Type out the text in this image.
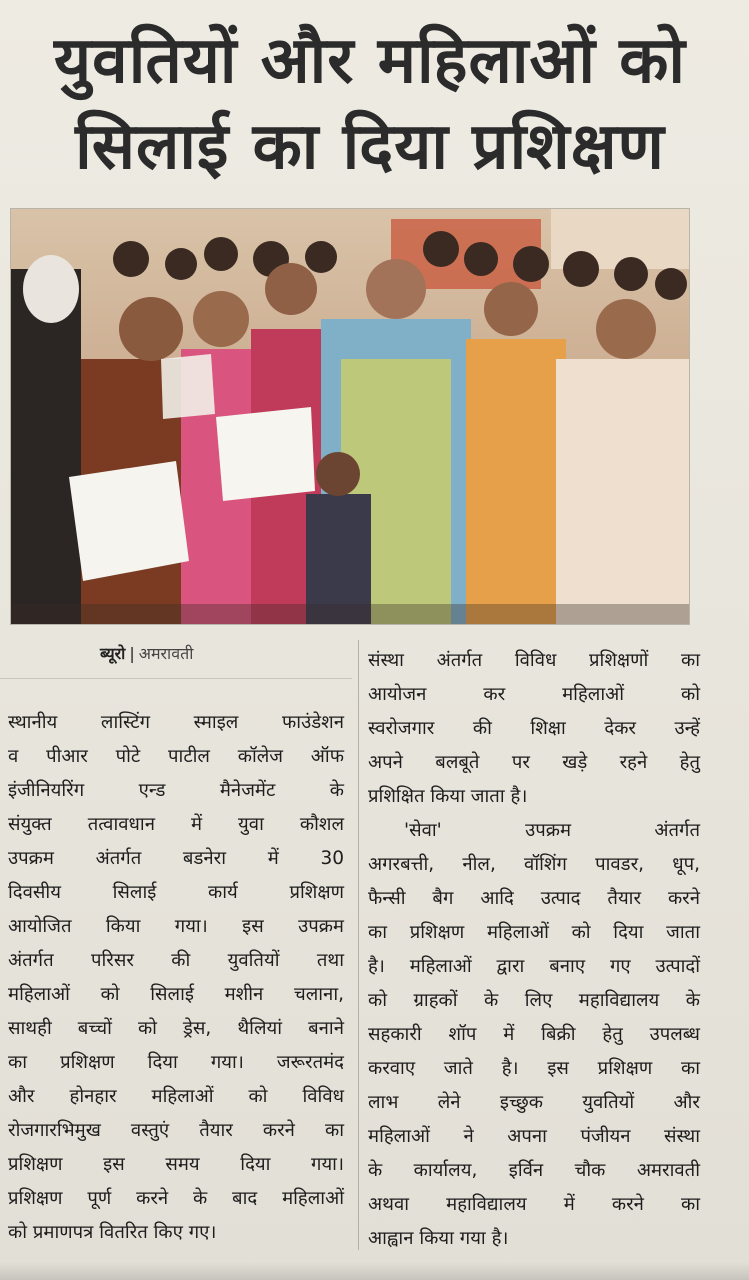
युवतियों और महिलाओं को
सिलाई का दिया प्रशिक्षण
ब्यूरो | अमरावती
स्थानीय लास्टिंग स्माइल फाउंडेशन
व पीआर पोटे पाटील कॉलेज ऑफ
इंजीनियरिंग एन्ड मैनेजमेंट के
संयुक्त तत्वावधान में युवा कौशल
उपक्रम अंतर्गत बडनेरा में 30
दिवसीय सिलाई कार्य प्रशिक्षण
आयोजित किया गया। इस उपक्रम
अंतर्गत परिसर की युवतियों तथा
महिलाओं को सिलाई मशीन चलाना,
साथही बच्चों को ड्रेस, थैलियां बनाने
का प्रशिक्षण दिया गया। जरूरतमंद
और होनहार महिलाओं को विविध
रोजगारभिमुख वस्तुएं तैयार करने का
प्रशिक्षण इस समय दिया गया।
प्रशिक्षण पूर्ण करने के बाद महिलाओं
को प्रमाणपत्र वितरित किए गए।
संस्था अंतर्गत विविध प्रशिक्षणों का
आयोजन कर महिलाओं को
स्वरोजगार की शिक्षा देकर उन्हें
अपने बलबूते पर खड़े रहने हेतु
प्रशिक्षित किया जाता है।
'सेवा' उपक्रम अंतर्गत
अगरबत्ती, नील, वॉशिंग पावडर, धूप,
फैन्सी बैग आदि उत्पाद तैयार करने
का प्रशिक्षण महिलाओं को दिया जाता
है। महिलाओं द्वारा बनाए गए उत्पादों
को ग्राहकों के लिए महाविद्यालय के
सहकारी शॉप में बिक्री हेतु उपलब्ध
करवाए जाते है। इस प्रशिक्षण का
लाभ लेने इच्छुक युवतियों और
महिलाओं ने अपना पंजीयन संस्था
के कार्यालय, इर्विन चौक अमरावती
अथवा महाविद्यालय में करने का
आह्वान किया गया है।
